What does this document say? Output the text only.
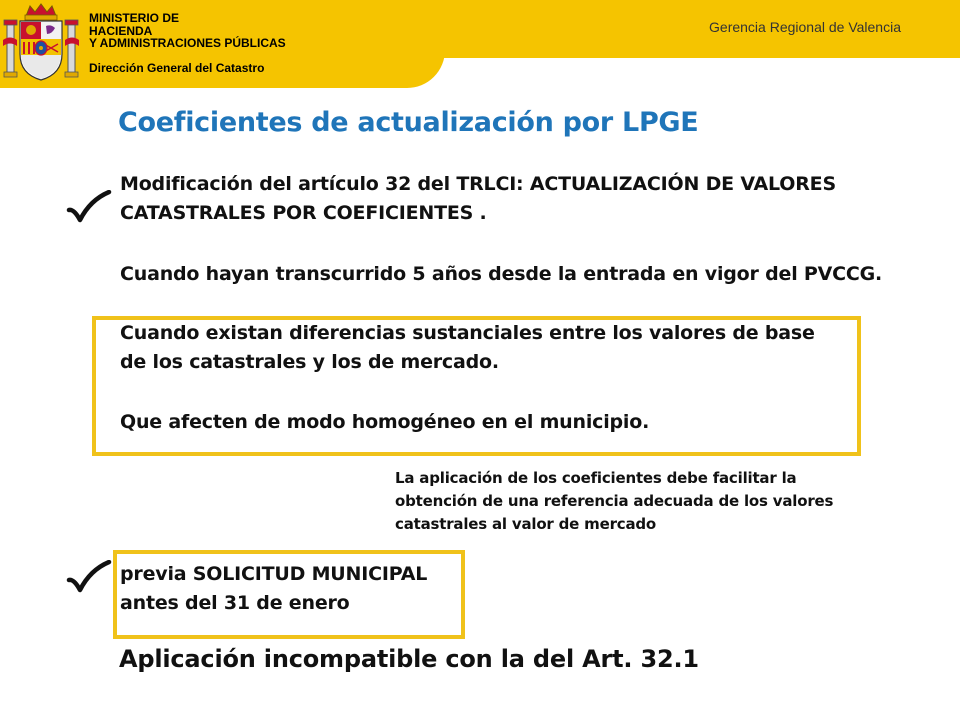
MINISTERIO DE
HACIENDA
Y ADMINISTRACIONES PÚBLICAS
Dirección General del Catastro
Gerencia Regional de Valencia
Coeficientes de actualización por LPGE
Modificación del artículo 32 del TRLCI: ACTUALIZACIÓN DE VALORES
CATASTRALES POR COEFICIENTES .
Cuando hayan transcurrido 5 años desde la entrada en vigor del PVCCG.
Cuando existan diferencias sustanciales entre los valores de base
de los catastrales y los de mercado.
Que afecten de modo homogéneo en el municipio.
La aplicación de los coeficientes debe facilitar la
obtención de una referencia adecuada de los valores
catastrales al valor de mercado
previa SOLICITUD MUNICIPAL
antes del 31 de enero
Aplicación incompatible con la del Art. 32.1
